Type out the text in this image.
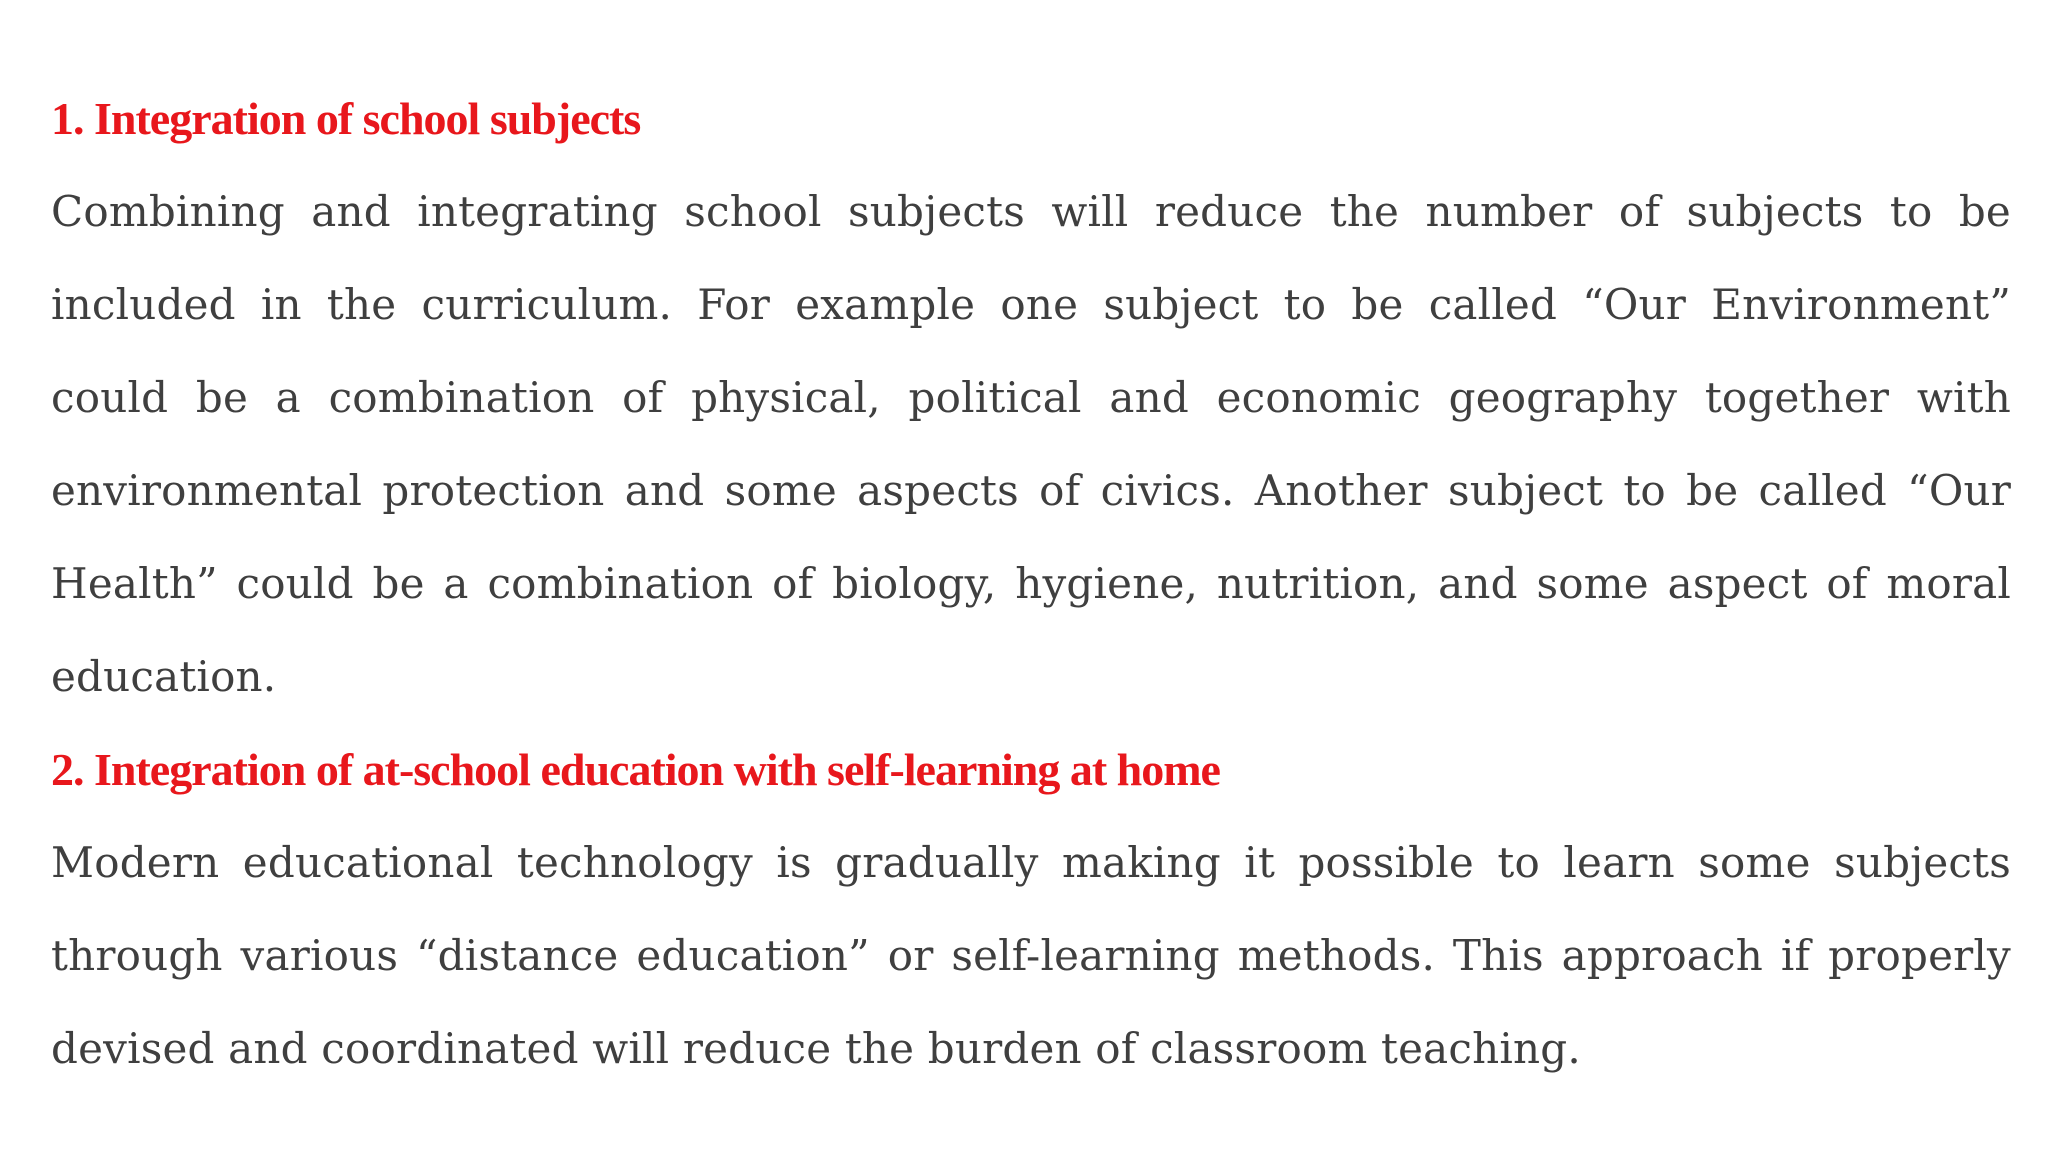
1. Integration of school subjects
Combining and integrating school subjects will reduce the number of subjects to be
included in the curriculum. For example one subject to be called “Our Environment”
could be a combination of physical, political and economic geography together with
environmental protection and some aspects of civics. Another subject to be called “Our
Health” could be a combination of biology, hygiene, nutrition, and some aspect of moral
education.
2. Integration of at-school education with self-learning at home
Modern educational technology is gradually making it possible to learn some subjects
through various “distance education” or self-learning methods. This approach if properly
devised and coordinated will reduce the burden of classroom teaching.
